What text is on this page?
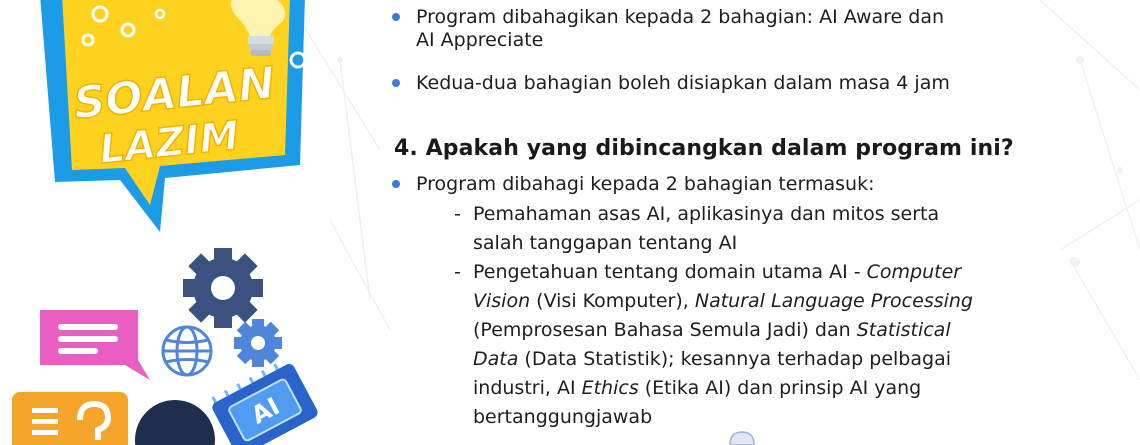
SOALAN
LAZIM
AI
Program dibahagikan kepada 2 bahagian: AI Aware dan
AI Appreciate
Kedua-dua bahagian boleh disiapkan dalam masa 4 jam
4. Apakah yang dibincangkan dalam program ini?
Program dibahagi kepada 2 bahagian termasuk:
- Pemahaman asas AI, aplikasinya dan mitos serta
salah tanggapan tentang AI
- Pengetahuan tentang domain utama AI - Computer
Vision (Visi Komputer), Natural Language Processing
(Pemprosesan Bahasa Semula Jadi) dan Statistical
Data (Data Statistik); kesannya terhadap pelbagai
industri, AI Ethics (Etika AI) dan prinsip AI yang
bertanggungjawab
